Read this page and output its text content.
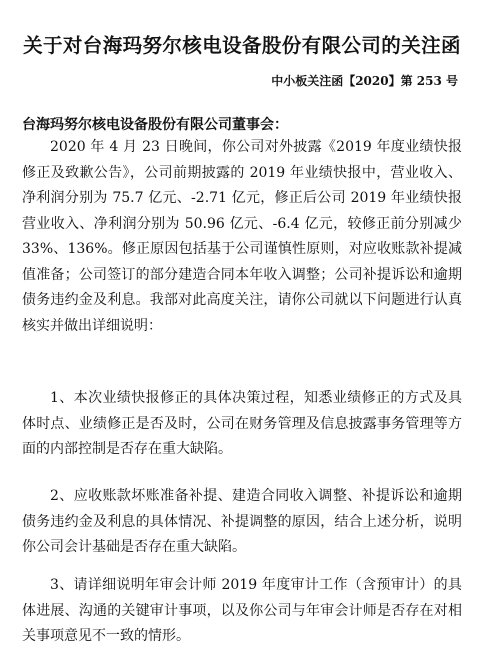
关于对台海玛努尔核电设备股份有限公司的关注函
中小板关注函【2020】第 253 号
台海玛努尔核电设备股份有限公司董事会：

2020 年 4 月 23 日晚间，你公司对外披露《2019 年度业绩快报修正及致歉公告》，公司前期披露的 2019 年业绩快报中，营业收入、净利润分别为 75.7 亿元、-2.71 亿元，修正后公司 2019 年业绩快报营业收入、净利润分别为 50.96 亿元、-6.4 亿元，较修正前分别减少 33%、136%。修正原因包括基于公司谨慎性原则，对应收账款补提减值准备；公司签订的部分建造合同本年收入调整；公司补提诉讼和逾期债务违约金及利息。我部对此高度关注，请你公司就以下问题进行认真核实并做出详细说明：

1、本次业绩快报修正的具体决策过程，知悉业绩修正的方式及具体时点、业绩修正是否及时，公司在财务管理及信息披露事务管理等方面的内部控制是否存在重大缺陷。

2、应收账款坏账准备补提、建造合同收入调整、补提诉讼和逾期债务违约金及利息的具体情况、补提调整的原因，结合上述分析，说明你公司会计基础是否存在重大缺陷。

3、请详细说明年审会计师 2019 年度审计工作（含预审计）的具体进展、沟通的关键审计事项，以及你公司与年审会计师是否存在对相关事项意见不一致的情形。
